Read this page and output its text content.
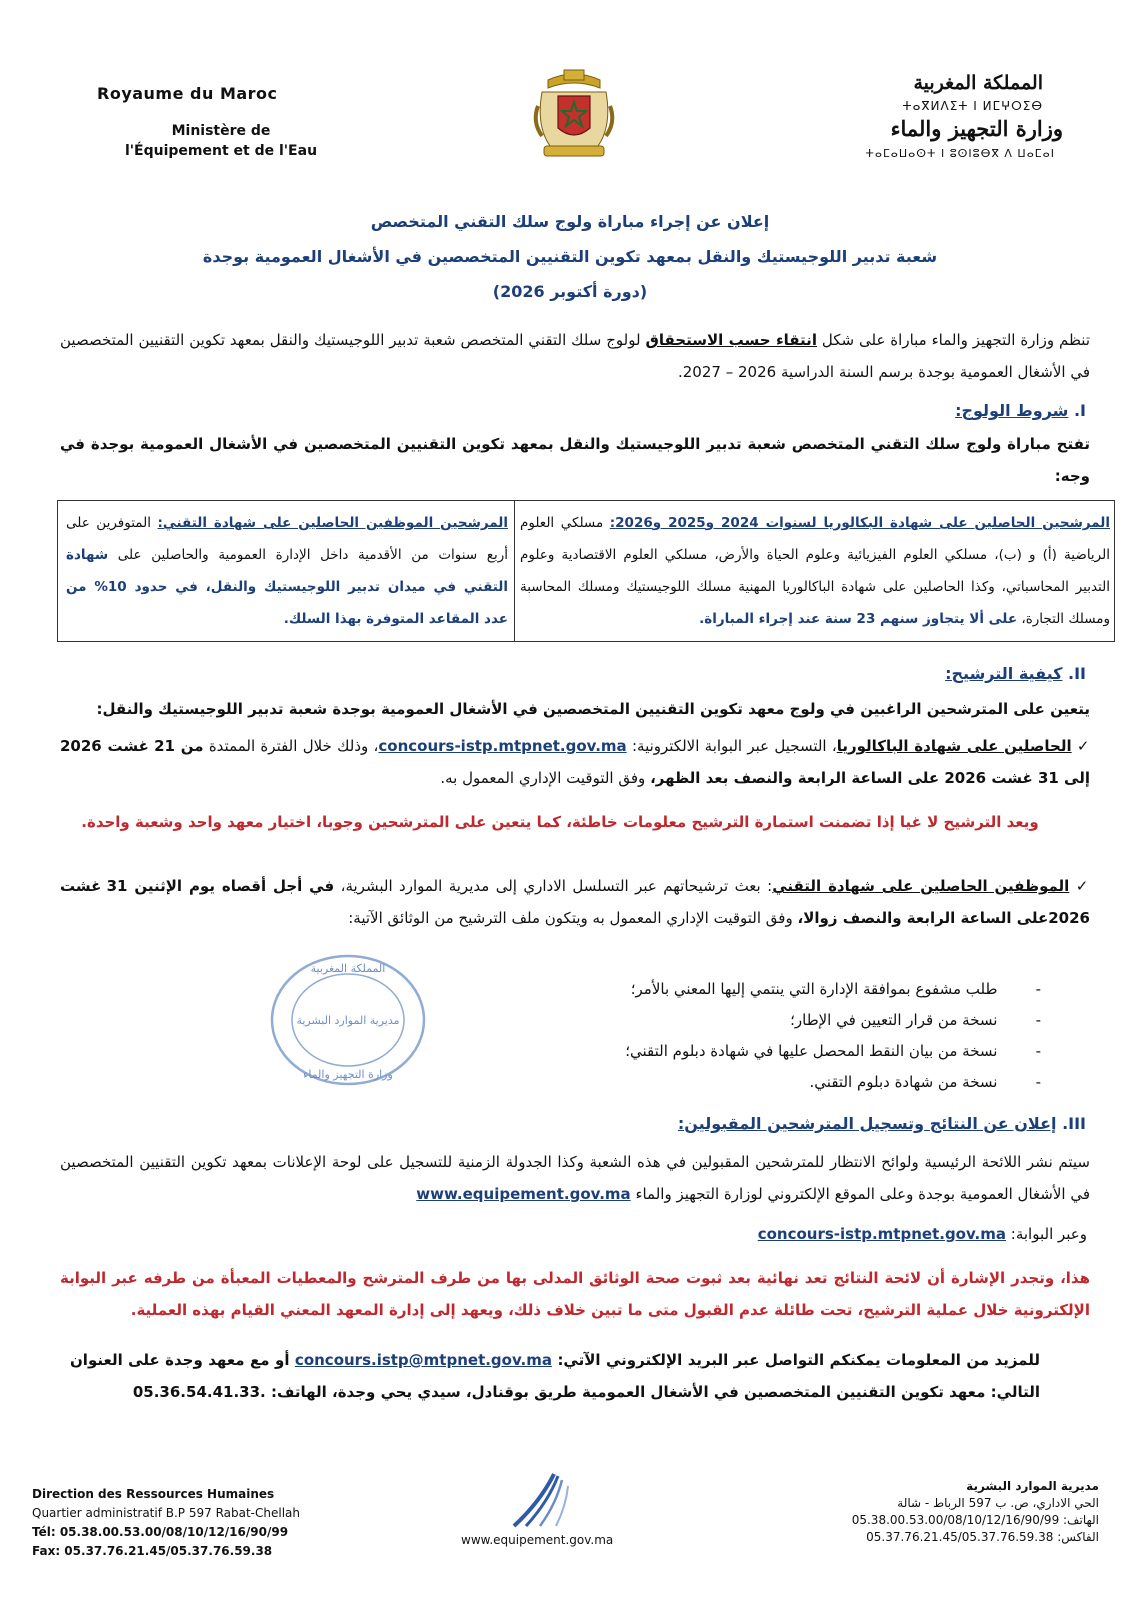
Royaume du Maroc
Ministère de
l'Équipement et de l'Eau
المملكة المغربية
ⵜⴰⴳⵍⴷⵉⵜ ⵏ ⵍⵎⵖⵔⵉⴱ
وزارة التجهيز والماء
ⵜⴰⵎⴰⵡⴰⵙⵜ ⵏ ⵓⵙⵏⵓⴱⴳ ⴷ ⵡⴰⵎⴰⵏ
إعلان عن إجراء مباراة ولوج سلك التقني المتخصص
شعبة تدبير اللوجيستيك والنقل بمعهد تكوين التقنيين المتخصصين في الأشغال العمومية بوجدة
(دورة أكتوبر 2026)
تنظم وزارة التجهيز والماء مباراة على شكل انتقاء حسب الاستحقاق لولوج سلك التقني المتخصص شعبة تدبير اللوجيستيك والنقل بمعهد تكوين التقنيين المتخصصين في الأشغال العمومية بوجدة برسم السنة الدراسية 2026 – 2027.
I. شروط الولوج:
تفتح مباراة ولوج سلك التقني المتخصص شعبة تدبير اللوجيستيك والنقل بمعهد تكوين التقنيين المتخصصين في الأشغال العمومية بوجدة في وجه:
المرشحين الحاصلين على شهادة البكالوريا لسنوات 2024 و2025 و2026: مسلكي العلوم الرياضية (أ) و (ب)، مسلكي العلوم الفيزيائية وعلوم الحياة والأرض، مسلكي العلوم الاقتصادية وعلوم التدبير المحاسباتي، وكذا الحاصلين على شهادة الباكالوريا المهنية مسلك اللوجيستيك ومسلك المحاسبة ومسلك التجارة، على ألا يتجاوز سنهم 23 سنة عند إجراء المباراة.
المرشحين الموظفين الحاصلين على شهادة التقني: المتوفرين على أربع سنوات من الأقدمية داخل الإدارة العمومية والحاصلين على شهادة التقني في ميدان تدبير اللوجيستيك والنقل، في حدود 10% من عدد المقاعد المتوفرة بهذا السلك.
II. كيفية الترشيح:
يتعين على المترشحين الراغبين في ولوج معهد تكوين التقنيين المتخصصين في الأشغال العمومية بوجدة شعبة تدبير اللوجيستيك والنقل:
✓ الحاصلين على شهادة الباكالوريا، التسجيل عبر البوابة الالكترونية: concours-istp.mtpnet.gov.ma، وذلك خلال الفترة الممتدة من 21 غشت 2026 إلى 31 غشت 2026 على الساعة الرابعة والنصف بعد الظهر، وفق التوقيت الإداري المعمول به.
ويعد الترشيح لا غيا إذا تضمنت استمارة الترشيح معلومات خاطئة، كما يتعين على المترشحين وجوبا، اختيار معهد واحد وشعبة واحدة.
✓ الموظفين الحاصلين على شهادة التقني: بعث ترشيحاتهم عبر التسلسل الاداري إلى مديرية الموارد البشرية، في أجل أقصاه يوم الإثنين 31 غشت 2026على الساعة الرابعة والنصف زوالا، وفق التوقيت الإداري المعمول به ويتكون ملف الترشيح من الوثائق الآتية:
-        طلب مشفوع بموافقة الإدارة التي ينتمي إليها المعني بالأمر؛
-        نسخة من قرار التعيين في الإطار؛
-        نسخة من بيان النقط المحصل عليها في شهادة دبلوم التقني؛
-        نسخة من شهادة دبلوم التقني.
المملكة المغربية
مديرية الموارد البشرية
وزارة التجهيز والماء
III. إعلان عن النتائج وتسجيل المترشحين المقبولين:
سيتم نشر اللائحة الرئيسية ولوائح الانتظار للمترشحين المقبولين في هذه الشعبة وكذا الجدولة الزمنية للتسجيل على لوحة الإعلانات بمعهد تكوين التقنيين المتخصصين في الأشغال العمومية بوجدة وعلى الموقع الإلكتروني لوزارة التجهيز والماء www.equipement.gov.ma
وعبر البوابة: concours-istp.mtpnet.gov.ma
هذا، وتجدر الإشارة أن لائحة النتائج تعد نهائية بعد ثبوت صحة الوثائق المدلى بها من طرف المترشح والمعطيات المعبأة من طرفه عبر البوابة الإلكترونية خلال عملية الترشيح، تحت طائلة عدم القبول متى ما تبين خلاف ذلك، ويعهد إلى إدارة المعهد المعني القيام بهذه العملية.
للمزيد من المعلومات يمكنكم التواصل عبر البريد الإلكتروني الآتي: concours.istp@mtpnet.gov.ma أو مع معهد وجدة على العنوان التالي: معهد تكوين التقنيين المتخصصين في الأشغال العمومية طريق بوقنادل، سيدي يحي وجدة، الهاتف: 05.36.54.41.33.
Direction des Ressources Humaines
Quartier administratif B.P 597 Rabat-Chellah
Tél: 05.38.00.53.00/08/10/12/16/90/99
Fax: 05.37.76.21.45/05.37.76.59.38
www.equipement.gov.ma
مديرية الموارد البشرية
الحي الاداري، ص. ب 597 الرباط - شالة
الهاتف: 05.38.00.53.00/08/10/12/16/90/99
الفاكس: 05.37.76.21.45/05.37.76.59.38
